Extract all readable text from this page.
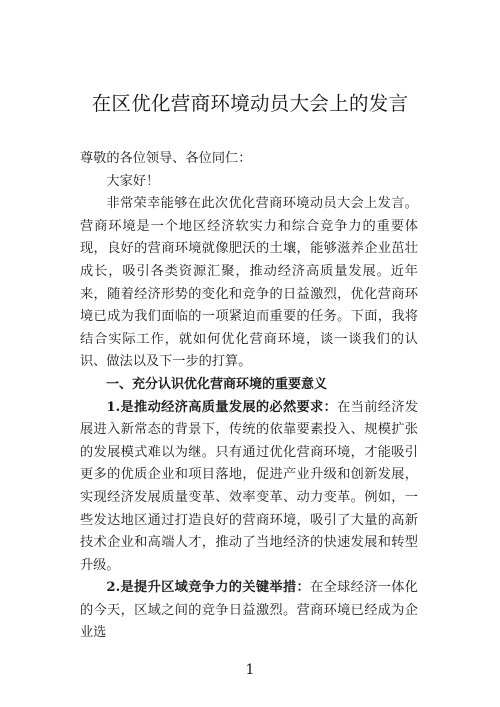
在区优化营商环境动员大会上的发言

尊敬的各位领导、各位同仁：

大家好！

非常荣幸能够在此次优化营商环境动员大会上发言。营商环境是一个地区经济软实力和综合竞争力的重要体现，良好的营商环境就像肥沃的土壤，能够滋养企业茁壮成长，吸引各类资源汇聚，推动经济高质量发展。近年来，随着经济形势的变化和竞争的日益激烈，优化营商环境已成为我们面临的一项紧迫而重要的任务。下面，我将结合实际工作，就如何优化营商环境，谈一谈我们的认识、做法以及下一步的打算。

一、充分认识优化营商环境的重要意义

1.是推动经济高质量发展的必然要求：在当前经济发展进入新常态的背景下，传统的依靠要素投入、规模扩张的发展模式难以为继。只有通过优化营商环境，才能吸引更多的优质企业和项目落地，促进产业升级和创新发展，实现经济发展质量变革、效率变革、动力变革。例如，一些发达地区通过打造良好的营商环境，吸引了大量的高新技术企业和高端人才，推动了当地经济的快速发展和转型升级。

2.是提升区域竞争力的关键举措：在全球经济一体化的今天，区域之间的竞争日益激烈。营商环境已经成为企业选

1
